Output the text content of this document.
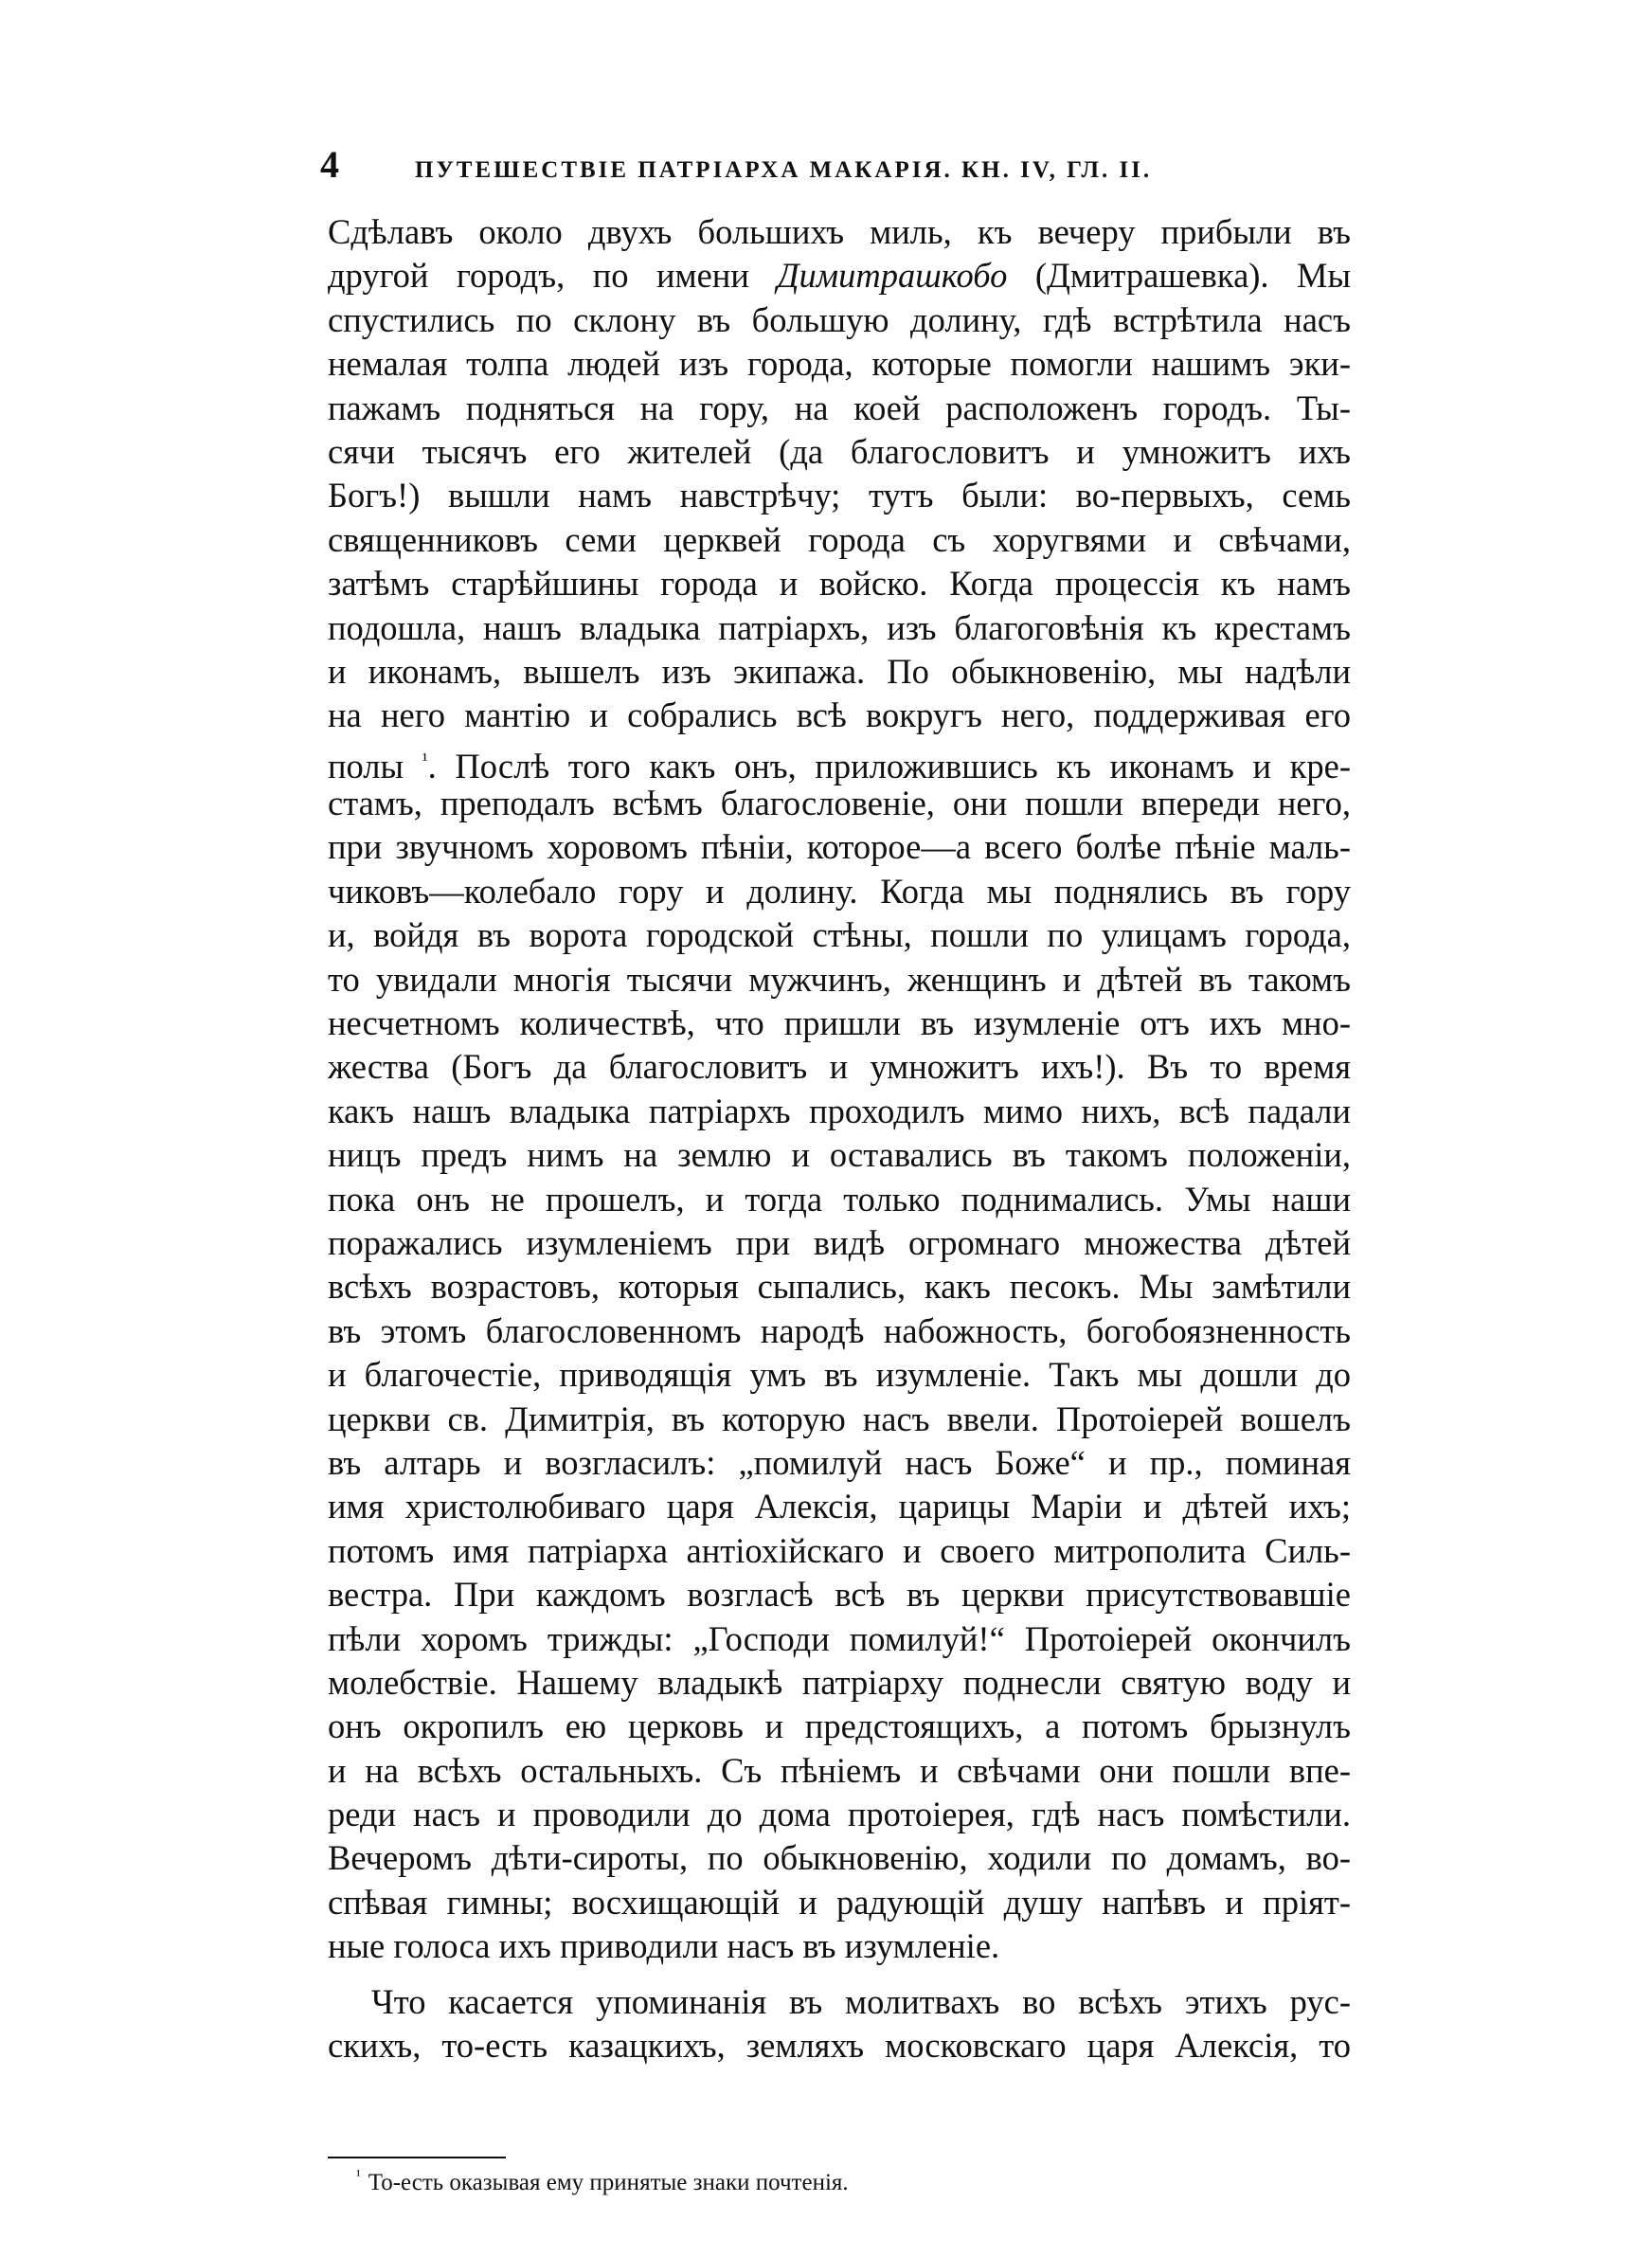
4	ПУТЕШЕСТВІЕ ПАТРІАРХА МАКАРІЯ. КН. IV, ГЛ. II.
Сдѣлавъ около двухъ большихъ миль, къ вечеру прибыли въ
другой городъ, по имени Димитрашкобо (Дмитрашевка). Мы
спустились по склону въ большую долину, гдѣ встрѣтила насъ
немалая толпа людей изъ города, которые помогли нашимъ эки-
пажамъ подняться на гору, на коей расположенъ городъ. Ты-
сячи тысячъ его жителей (да благословитъ и умножитъ ихъ
Богъ!) вышли намъ навстрѣчу; тутъ были: во-первыхъ, семь
священниковъ семи церквей города съ хоругвями и свѣчами,
затѣмъ старѣйшины города и войско. Когда процессія къ намъ
подошла, нашъ владыка патріархъ, изъ благоговѣнія къ крестамъ
и иконамъ, вышелъ изъ экипажа. По обыкновенію, мы надѣли
на него мантію и собрались всѣ вокругъ него, поддерживая его
полы $^{^1}$. Послѣ того какъ онъ, приложившись къ иконамъ и кре-
стамъ, преподалъ всѣмъ благословеніе, они пошли впереди него,
при звучномъ хоровомъ пѣніи, которое—а всего болѣе пѣніе маль-
чиковъ—колебало гору и долину. Когда мы поднялись въ гору
и, войдя въ ворота городской стѣны, пошли по улицамъ города,
то увидали многія тысячи мужчинъ, женщинъ и дѣтей въ такомъ
несчетномъ количествѣ, что пришли въ изумленіе отъ ихъ мно-
жества (Богъ да благословитъ и умножитъ ихъ!). Въ то время
какъ нашъ владыка патріархъ проходилъ мимо нихъ, всѣ падали
ницъ предъ нимъ на землю и оставались въ такомъ положеніи,
пока онъ не прошелъ, и тогда только поднимались. Умы наши
поражались изумленіемъ при видѣ огромнаго множества дѣтей
всѣхъ возрастовъ, которыя сыпались, какъ песокъ. Мы замѣтили
въ этомъ благословенномъ народѣ набожность, богобоязненность
и благочестіе, приводящія умъ въ изумленіе. Такъ мы дошли до
церкви св. Димитрія, въ которую насъ ввели. Протоіерей вошелъ
въ алтарь и возгласилъ: „помилуй насъ Боже“ и пр., поминая
имя христолюбиваго царя Алексія, царицы Маріи и дѣтей ихъ;
потомъ имя патріарха антіохійскаго и своего митрополита Силь-
вестра. При каждомъ возгласѣ всѣ въ церкви присутствовавшіе
пѣли хоромъ трижды: „Господи помилуй!“ Протоіерей окончилъ
молебствіе. Нашему владыкѣ патріарху поднесли святую воду и
онъ окропилъ ею церковь и предстоящихъ, а потомъ брызнулъ
и на всѣхъ остальныхъ. Съ пѣніемъ и свѣчами они пошли впе-
реди насъ и проводили до дома протоіерея, гдѣ насъ помѣстили.
Вечеромъ дѣти-сироты, по обыкновенію, ходили по домамъ, во-
спѣвая гимны; восхищающій и радующій душу напѣвъ и пріят-
ные голоса ихъ приводили насъ въ изумленіе.
Что касается упоминанія въ молитвахъ во всѣхъ этихъ рус-
скихъ, то-есть казацкихъ, земляхъ московскаго царя Алексія, то
$^{^1}$ То-есть оказывая ему принятые знаки почтенія.
